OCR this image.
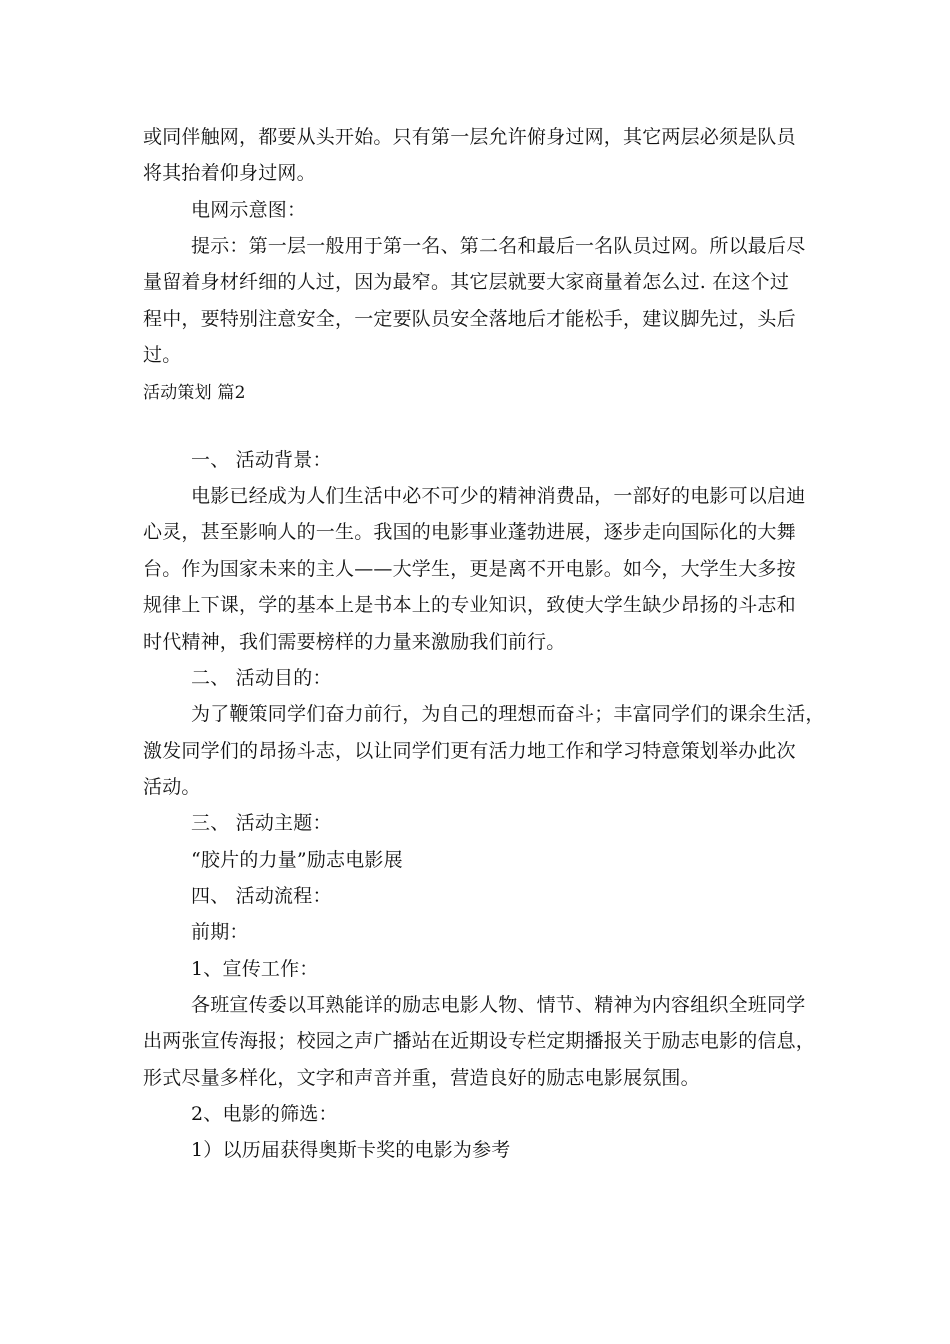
或同伴触网，都要从头开始。只有第一层允许俯身过网，其它两层必须是队员
将其抬着仰身过网。
电网示意图：
提示：第一层一般用于第一名、第二名和最后一名队员过网。所以最后尽
量留着身材纤细的人过，因为最窄。其它层就要大家商量着怎么过. 在这个过
程中，要特别注意安全，一定要队员安全落地后才能松手，建议脚先过，头后
过。
活动策划 篇2
一、 活动背景：
电影已经成为人们生活中必不可少的精神消费品，一部好的电影可以启迪
心灵，甚至影响人的一生。我国的电影事业蓬勃进展，逐步走向国际化的大舞
台。作为国家未来的主人——大学生，更是离不开电影。如今，大学生大多按
规律上下课，学的基本上是书本上的专业知识，致使大学生缺少昂扬的斗志和
时代精神，我们需要榜样的力量来激励我们前行。
二、 活动目的：
为了鞭策同学们奋力前行，为自己的理想而奋斗；丰富同学们的课余生活，
激发同学们的昂扬斗志，以让同学们更有活力地工作和学习特意策划举办此次
活动。
三、 活动主题：
“胶片的力量”励志电影展
四、 活动流程：
前期：
1、宣传工作：
各班宣传委以耳熟能详的励志电影人物、情节、精神为内容组织全班同学
出两张宣传海报；校园之声广播站在近期设专栏定期播报关于励志电影的信息，
形式尽量多样化，文字和声音并重，营造良好的励志电影展氛围。
2、电影的筛选：
1）以历届获得奥斯卡奖的电影为参考
